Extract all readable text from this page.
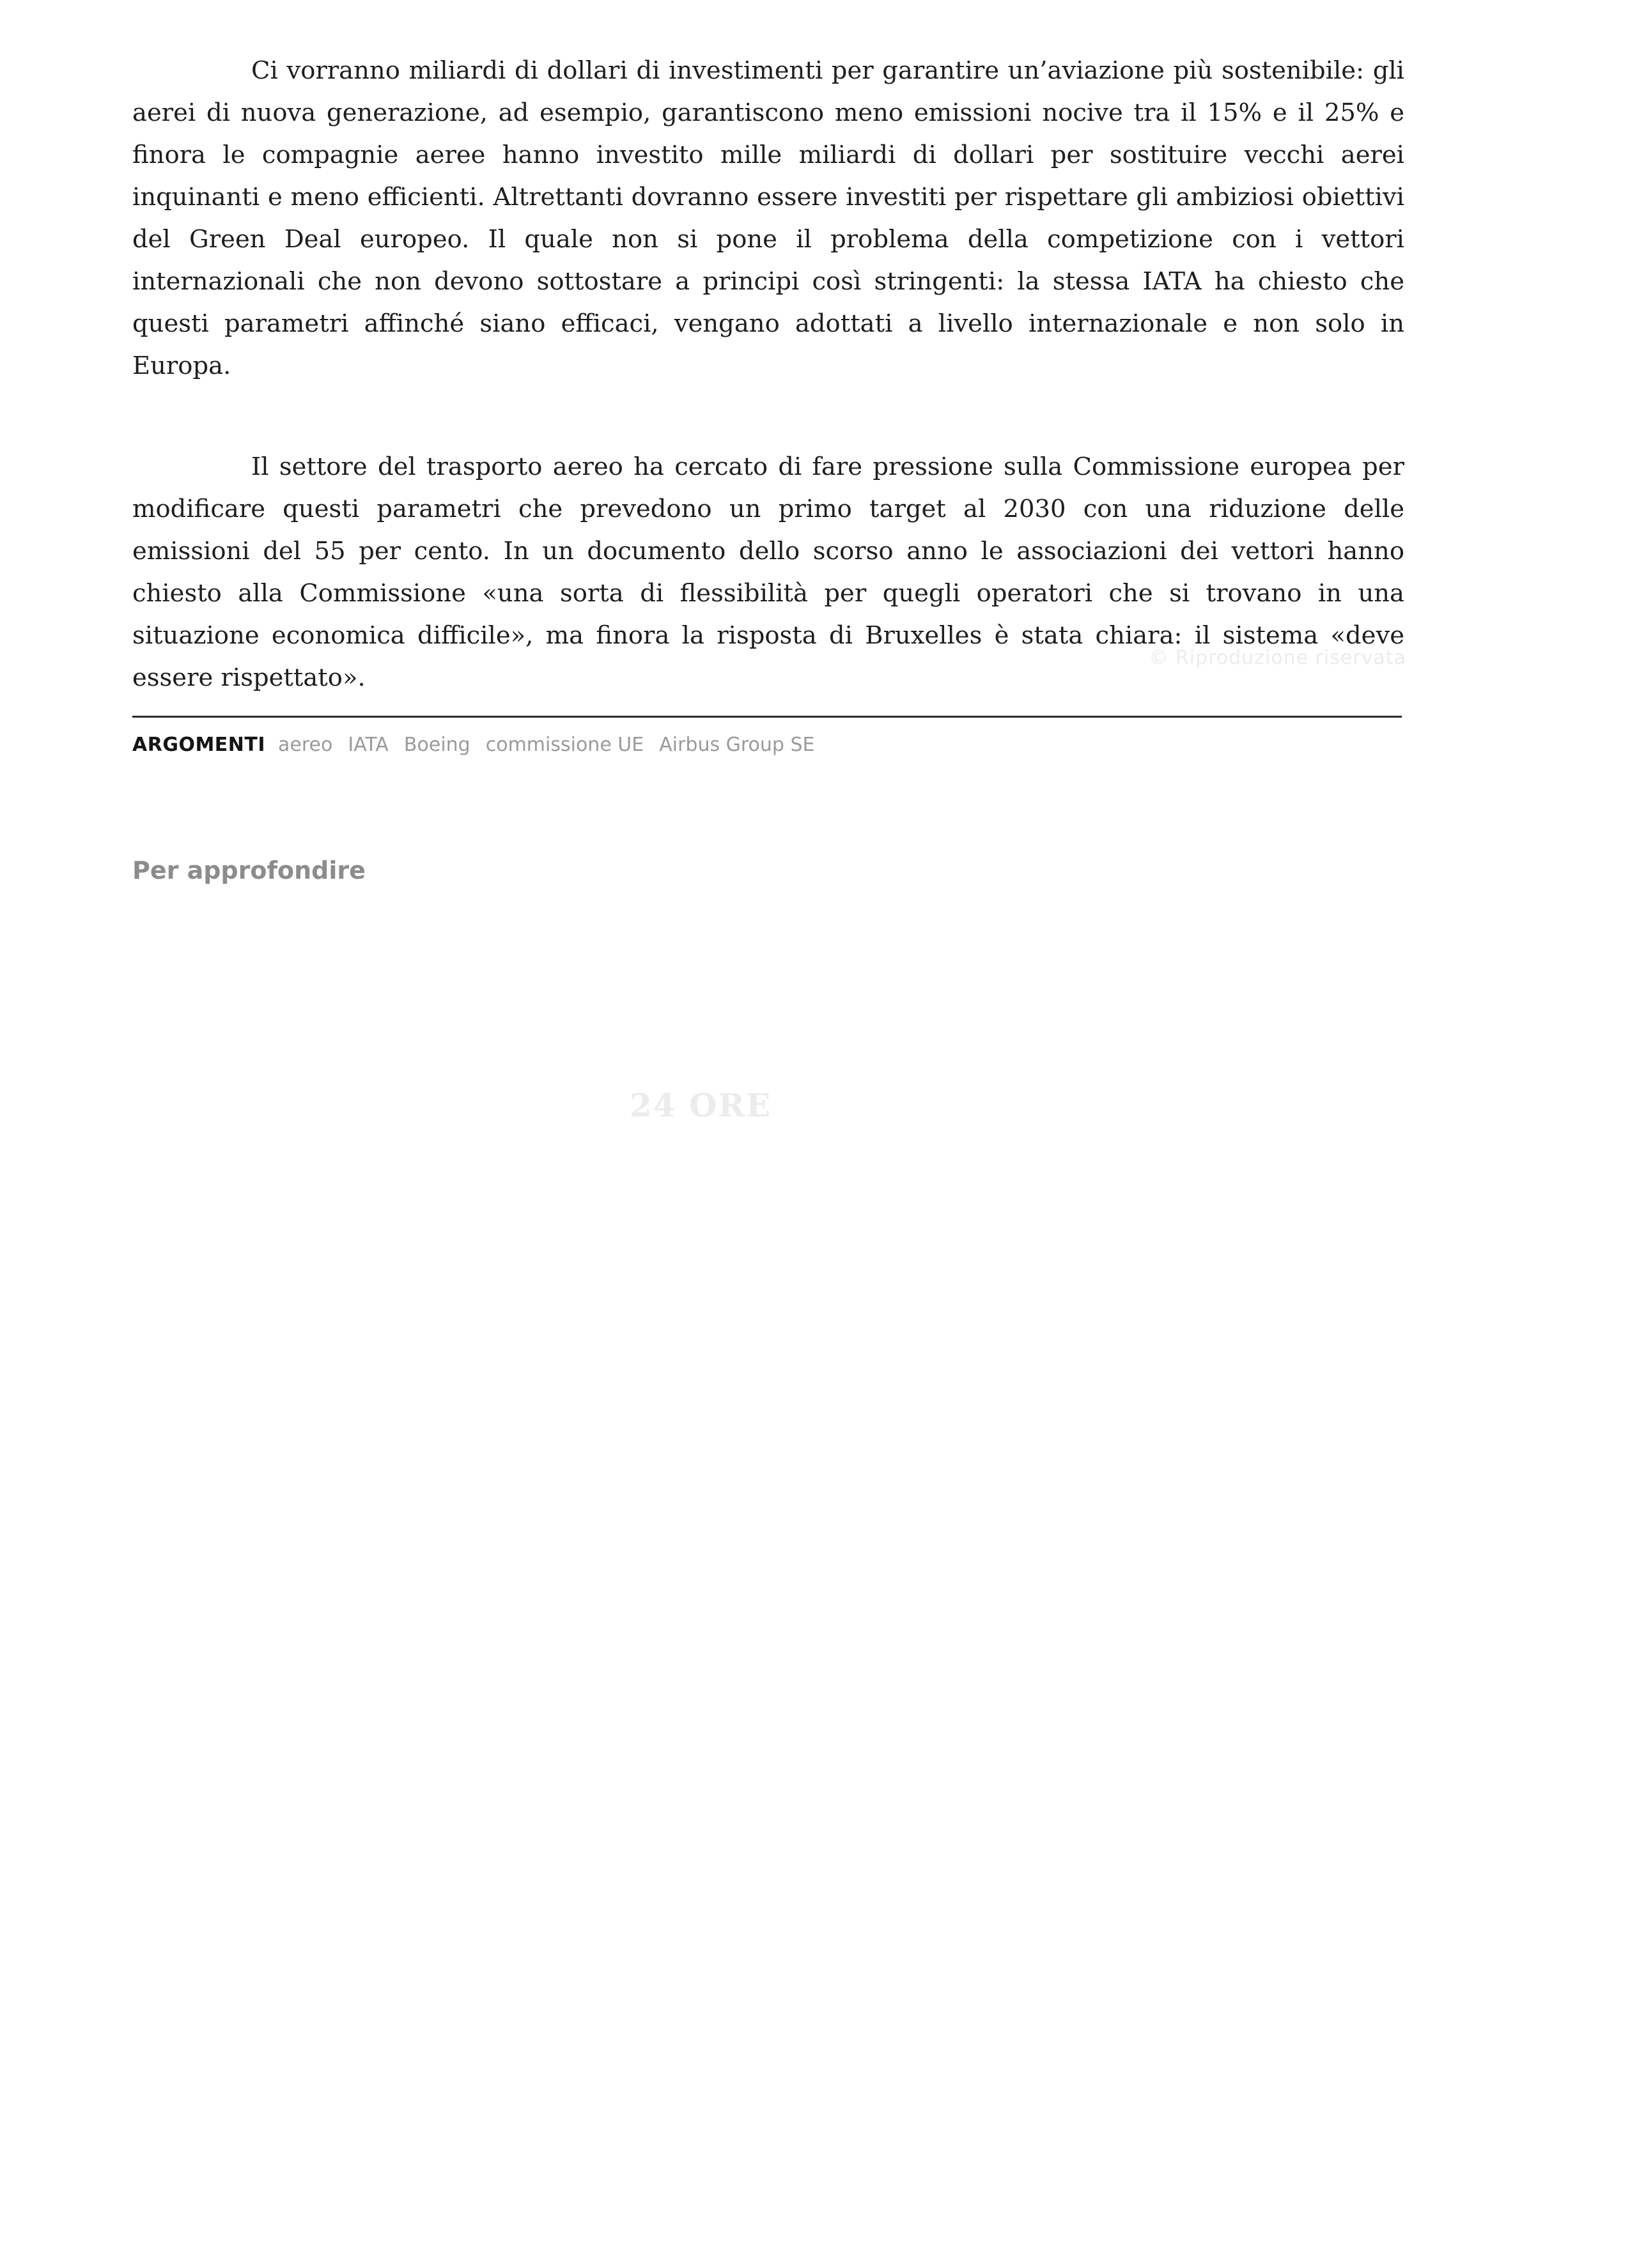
Ci vorranno miliardi di dollari di investimenti per garantire un’aviazione più sostenibile: gli aerei di nuova generazione, ad esempio, garantiscono meno emissioni nocive tra il 15% e il 25% e finora le compagnie aeree hanno investito mille miliardi di dollari per sostituire vecchi aerei inquinanti e meno efficienti. Altrettanti dovranno essere investiti per rispettare gli ambiziosi obiettivi del Green Deal europeo. Il quale non si pone il problema della competizione con i vettori internazionali che non devono sottostare a principi così stringenti: la stessa IATA ha chiesto che questi parametri affinché siano efficaci, vengano adottati a livello internazionale e non solo in Europa.

Il settore del trasporto aereo ha cercato di fare pressione sulla Commissione europea per modificare questi parametri che prevedono un primo target al 2030 con una riduzione delle emissioni del 55 per cento. In un documento dello scorso anno le associazioni dei vettori hanno chiesto alla Commissione «una sorta di flessibilità per quegli operatori che si trovano in una situazione economica difficile», ma finora la risposta di Bruxelles è stata chiara: il sistema «deve essere rispettato».

© Riproduzione riservata
ARGOMENTI aereo IATA Boeing commissione UE Airbus Group SE
Per approfondire
24 ORE
